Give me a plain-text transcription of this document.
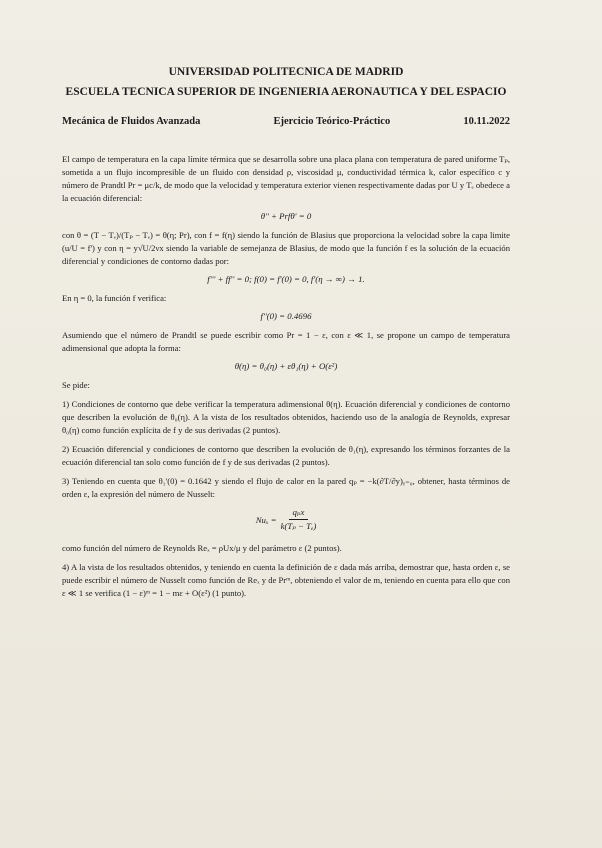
UNIVERSIDAD POLITECNICA DE MADRID
ESCUELA TECNICA SUPERIOR DE INGENIERIA AERONAUTICA Y DEL ESPACIO
Mecánica de Fluidos Avanzada	Ejercicio Teórico-Práctico	10.11.2022

El campo de temperatura en la capa límite térmica que se desarrolla sobre una placa plana con temperatura de pared uniforme Tₚ, sometida a un flujo incompresible de un fluido con densidad ρ, viscosidad μ, conductividad térmica k, calor específico c y número de Prandtl Pr = μc/k, de modo que la velocidad y temperatura exterior vienen respectivamente dadas por U y Tₑ obedece a la ecuación diferencial:

θ'' + Prfθ' = 0

con θ = (T − Tₑ)/(Tₚ − Tₑ) = θ(η; Pr), con f = f(η) siendo la función de Blasius que proporciona la velocidad sobre la capa limite (u/U = f') y con η = y√U/2νx siendo la variable de semejanza de Blasius, de modo que la función f es la solución de la ecuación diferencial y condiciones de contorno dadas por:

f''' + ff'' = 0; f(0) = f'(0) = 0, f'(η → ∞) → 1.

En η = 0, la función f verifica:

f''(0) = 0.4696

Asumiendo que el número de Prandtl se puede escribir como Pr = 1 − ε, con ε ≪ 1, se propone un campo de temperatura adimensional que adopta la forma:

θ(η) = θ₀(η) + εθ₁(η) + O(ε²)

Se pide:

1) Condiciones de contorno que debe verificar la temperatura adimensional θ(η). Ecuación diferencial y condiciones de contorno que describen la evolución de θ₀(η). A la vista de los resultados obtenidos, haciendo uso de la analogía de Reynolds, expresar θ₀(η) como función explícita de f y de sus derivadas (2 puntos).

2) Ecuación diferencial y condiciones de contorno que describen la evolución de θ₁(η), expresando los términos forzantes de la ecuación diferencial tan solo como función de f y de sus derivadas (2 puntos).

3) Teniendo en cuenta que θ₁'(0) = 0.1642 y siendo el flujo de calor en la pared qₚ = −k(∂T/∂y)ᵧ₌₀, obtener, hasta términos de orden ε, la expresión del número de Nusselt:

$Nu_x = \frac{\text{qₚx}}{\text{k(Tₚ − Tₑ)}}$

como función del número de Reynolds Reₓ = ρUx/μ y del parámetro ε (2 puntos).

4) A la vista de los resultados obtenidos, y teniendo en cuenta la definición de ε dada más arriba, demostrar que, hasta orden ε, se puede escribir el número de Nusselt como función de Reₓ y de Prᵐ, obteniendo el valor de m, teniendo en cuenta para ello que con ε ≪ 1 se verifica (1 − ε)ᵐ = 1 − mε + O(ε²) (1 punto).
